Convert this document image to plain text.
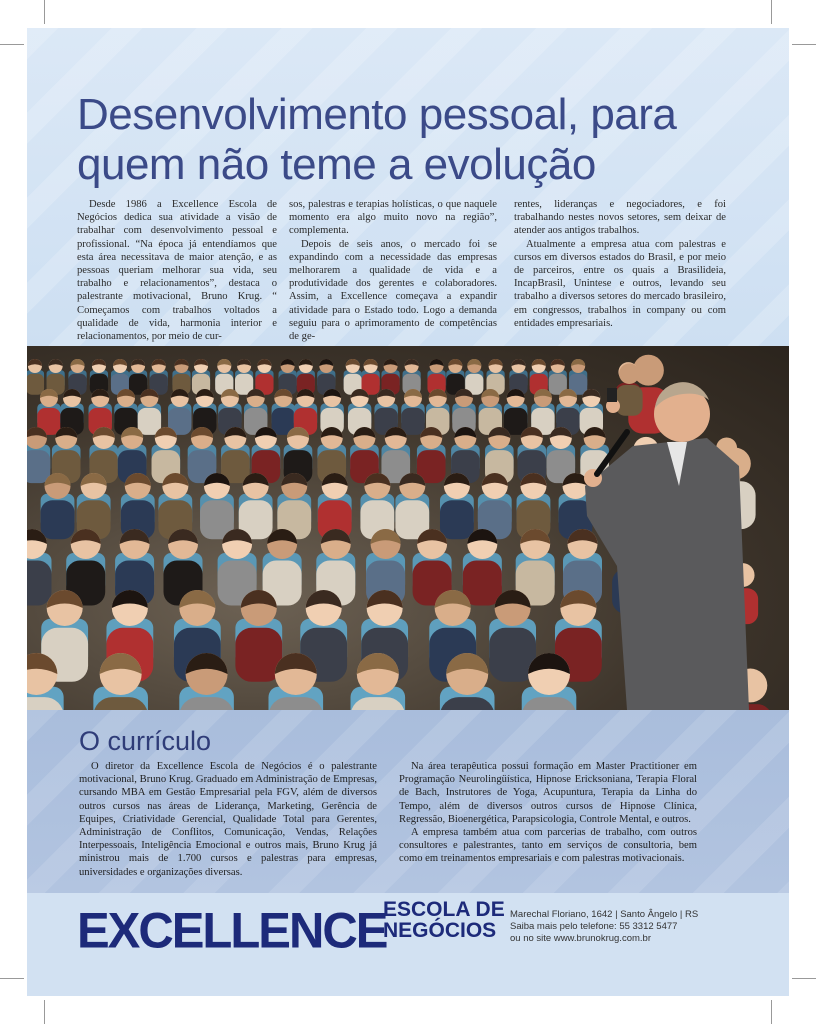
Desenvolvimento pessoal, para quem não teme a evolução

Desde 1986 a Excellence Escola de Negócios dedica sua atividade a visão de trabalhar com desenvolvimento pessoal e profissional. “Na época já entendíamos que esta área necessitava de maior atenção, e as pessoas queriam melhorar sua vida, seu trabalho e relacionamentos”, destaca o palestrante motivacional, Bruno Krug. “ Começamos com trabalhos voltados a qualidade de vida, harmonia interior e relacionamentos, por meio de cur-

sos, palestras e terapias holísticas, o que naquele momento era algo muito novo na região”, complementa.

Depois de seis anos, o mercado foi se expandindo com a necessidade das empresas melhorarem a qualidade de vida e a produtividade dos gerentes e colaboradores. Assim, a Excellence começava a expandir atividade para o Estado todo. Logo a demanda seguiu para o aprimoramento de competências de ge-

rentes, lideranças e negociadores, e foi trabalhando nestes novos setores, sem deixar de atender aos antigos trabalhos.

Atualmente a empresa atua com palestras e cursos em diversos estados do Brasil, e por meio de parceiros, entre os quais a Brasilideia, IncapBrasil, Unintese e outros, levando seu trabalho a diversos setores do mercado brasileiro, em congressos, trabalhos in company ou com entidades empresariais.

O currículo

O diretor da Excellence Escola de Negócios é o palestrante motivacional, Bruno Krug. Graduado em Administração de Empresas, cursando MBA em Gestão Empresarial pela FGV, além de diversos outros cursos nas áreas de Liderança, Marketing, Gerência de Equipes, Criatividade Gerencial, Qualidade Total para Gerentes, Administração de Conflitos, Comunicação, Vendas, Relações Interpessoais, Inteligência Emocional e outros mais, Bruno Krug já ministrou mais de 1.700 cursos e palestras para empresas, universidades e organizações diversas.

Na área terapêutica possui formação em Master Practitioner em Programação Neurolingüística, Hipnose Ericksoniana, Terapia Floral de Bach, Instrutores de Yoga, Acupuntura, Terapia da Linha do Tempo, além de diversos outros cursos de Hipnose Clínica, Regressão, Bioenergética, Parapsicologia, Controle Mental, e outros.

A empresa também atua com parcerias de trabalho, com outros consultores e palestrantes, tanto em serviços de consultoria, bem como em treinamentos empresariais e com palestras motivacionais.

EXCELLENCE
ESCOLA DE
NEGÓCIOS
Marechal Floriano, 1642 | Santo Ângelo | RS
Saiba mais pelo telefone: 55 3312 5477
ou no site www.brunokrug.com.br
